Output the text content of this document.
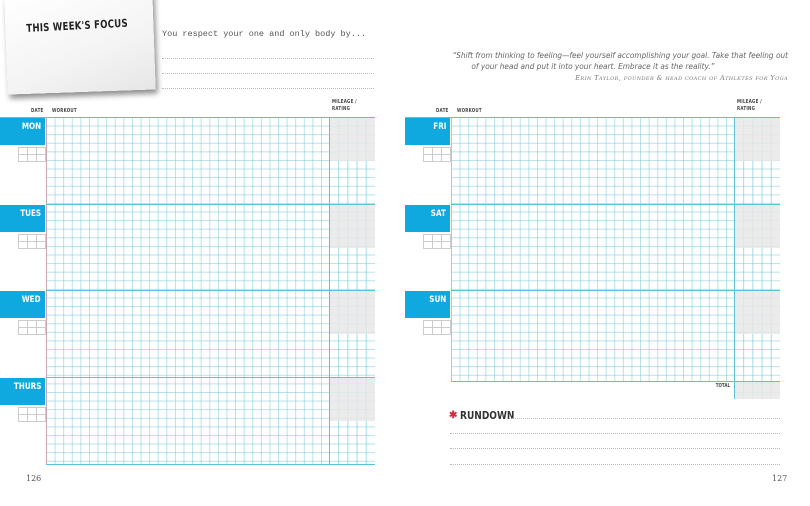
THIS WEEK'S FOCUS	You respect your one and only body by...
DATE WORKOUT
MILEAGE /
RATING
MON
TUES
WED
THURS
126
“Shift from thinking to feeling—feel yourself accomplishing your goal. Take that feeling out
of your head and put it into your heart. Embrace it as the reality.”
Erin Taylor, founder & head coach of Athletes for Yoga
DATE WORKOUT
MILEAGE /
RATING
FRI
SAT
SUN
TOTAL
✱ RUNDOWN
127
